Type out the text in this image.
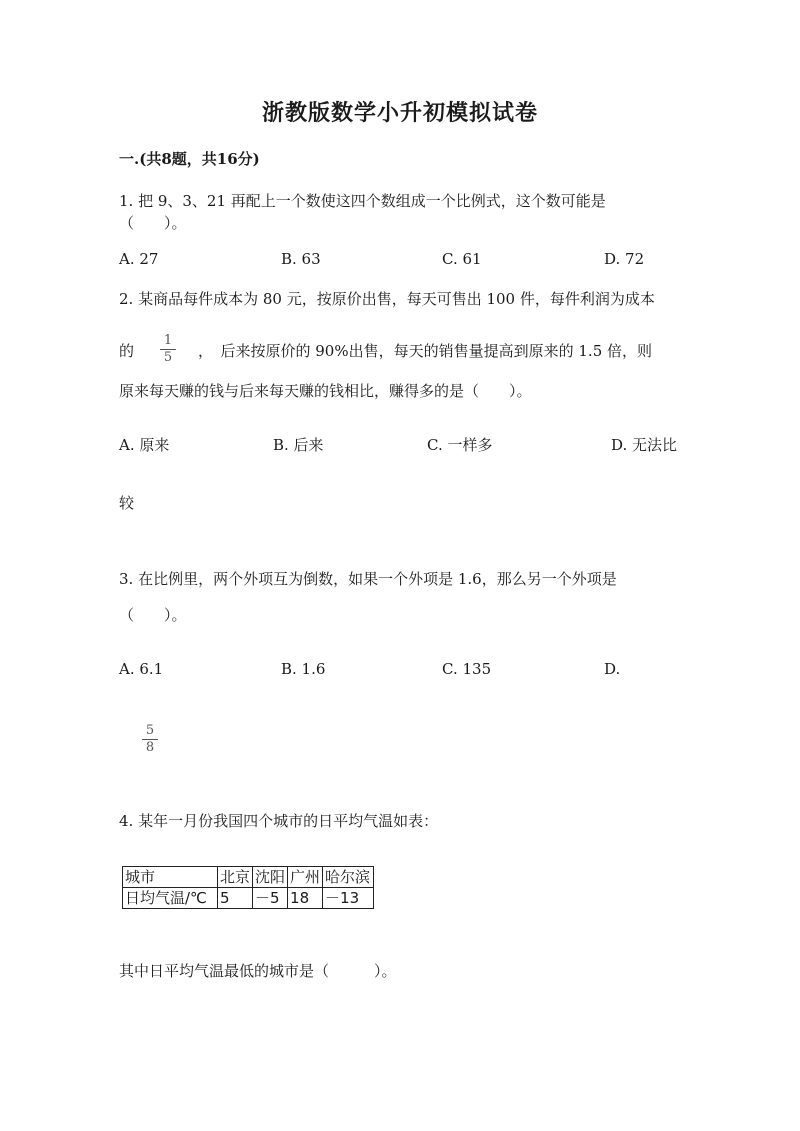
浙教版数学小升初模拟试卷
一.(共8题，共16分)
1. 把 9、3、21 再配上一个数使这四个数组成一个比例式，这个数可能是
（　　）。
A. 27	B. 63	C. 61	D. 72
2. 某商品每件成本为 80 元，按原价出售，每天可售出 100 件，每件利润为成本
的
1
5 ，　后来按原价的 90%出售，每天的销售量提高到原来的 1.5 倍，则
原来每天赚的钱与后来每天赚的钱相比，赚得多的是（　　）。
A. 原来	B. 后来	C. 一样多	D. 无法比
较
3. 在比例里，两个外项互为倒数，如果一个外项是 1.6，那么另一个外项是
（　　）。
A. 6.1	B. 1.6	C. 135	D.
5
8
4. 某年一月份我国四个城市的日平均气温如表：
城市	北京	沈阳	广州	哈尔滨
日均气温/℃	5	－5	18	－13
其中日平均气温最低的城市是（　　　）。
